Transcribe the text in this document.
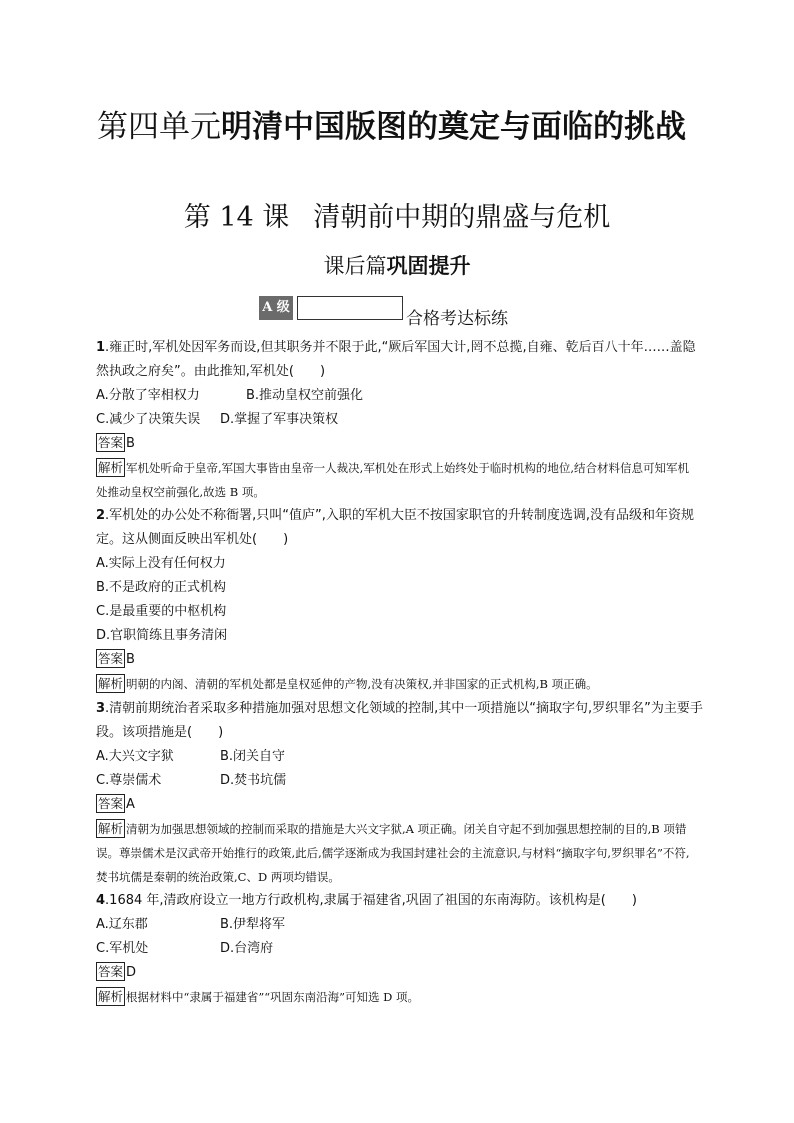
第四单元明清中国版图的奠定与面临的挑战
第 14 课 清朝前中期的鼎盛与危机
课后篇巩固提升
A 级
合格考达标练
1.雍正时,军机处因军务而设,但其职务并不限于此,“厥后军国大计,罔不总揽,自雍、乾后百八十年……盖隐然执政之府矣”。由此推知,军机处(　　)
A.分散了宰相权力	B.推动皇权空前强化
C.减少了决策失误 D.掌握了军事决策权
答案 B
解析 军机处听命于皇帝,军国大事皆由皇帝一人裁决,军机处在形式上始终处于临时机构的地位,结合材料信息可知军机处推动皇权空前强化,故选 B 项。
2.军机处的办公处不称衙署,只叫“值庐”,入职的军机大臣不按国家职官的升转制度选调,没有品级和年资规定。这从侧面反映出军机处(　　)
A.实际上没有任何权力
B.不是政府的正式机构
C.是最重要的中枢机构
D.官职简练且事务清闲
答案 B
解析 明朝的内阁、清朝的军机处都是皇权延伸的产物,没有决策权,并非国家的正式机构,B 项正确。
3.清朝前期统治者采取多种措施加强对思想文化领域的控制,其中一项措施以“摘取字句,罗织罪名”为主要手段。该项措施是(　　)
A.大兴文字狱	B.闭关自守
C.尊崇儒术	D.焚书坑儒
答案 A
解析 清朝为加强思想领域的控制而采取的措施是大兴文字狱,A 项正确。闭关自守起不到加强思想控制的目的,B 项错误。尊崇儒术是汉武帝开始推行的政策,此后,儒学逐渐成为我国封建社会的主流意识,与材料“摘取字句,罗织罪名”不符,焚书坑儒是秦朝的统治政策,C、D 两项均错误。
4.1684 年,清政府设立一地方行政机构,隶属于福建省,巩固了祖国的东南海防。该机构是(　　)
A.辽东郡	B.伊犁将军
C.军机处	D.台湾府
答案 D
解析 根据材料中“隶属于福建省”“巩固东南沿海”可知选 D 项。
